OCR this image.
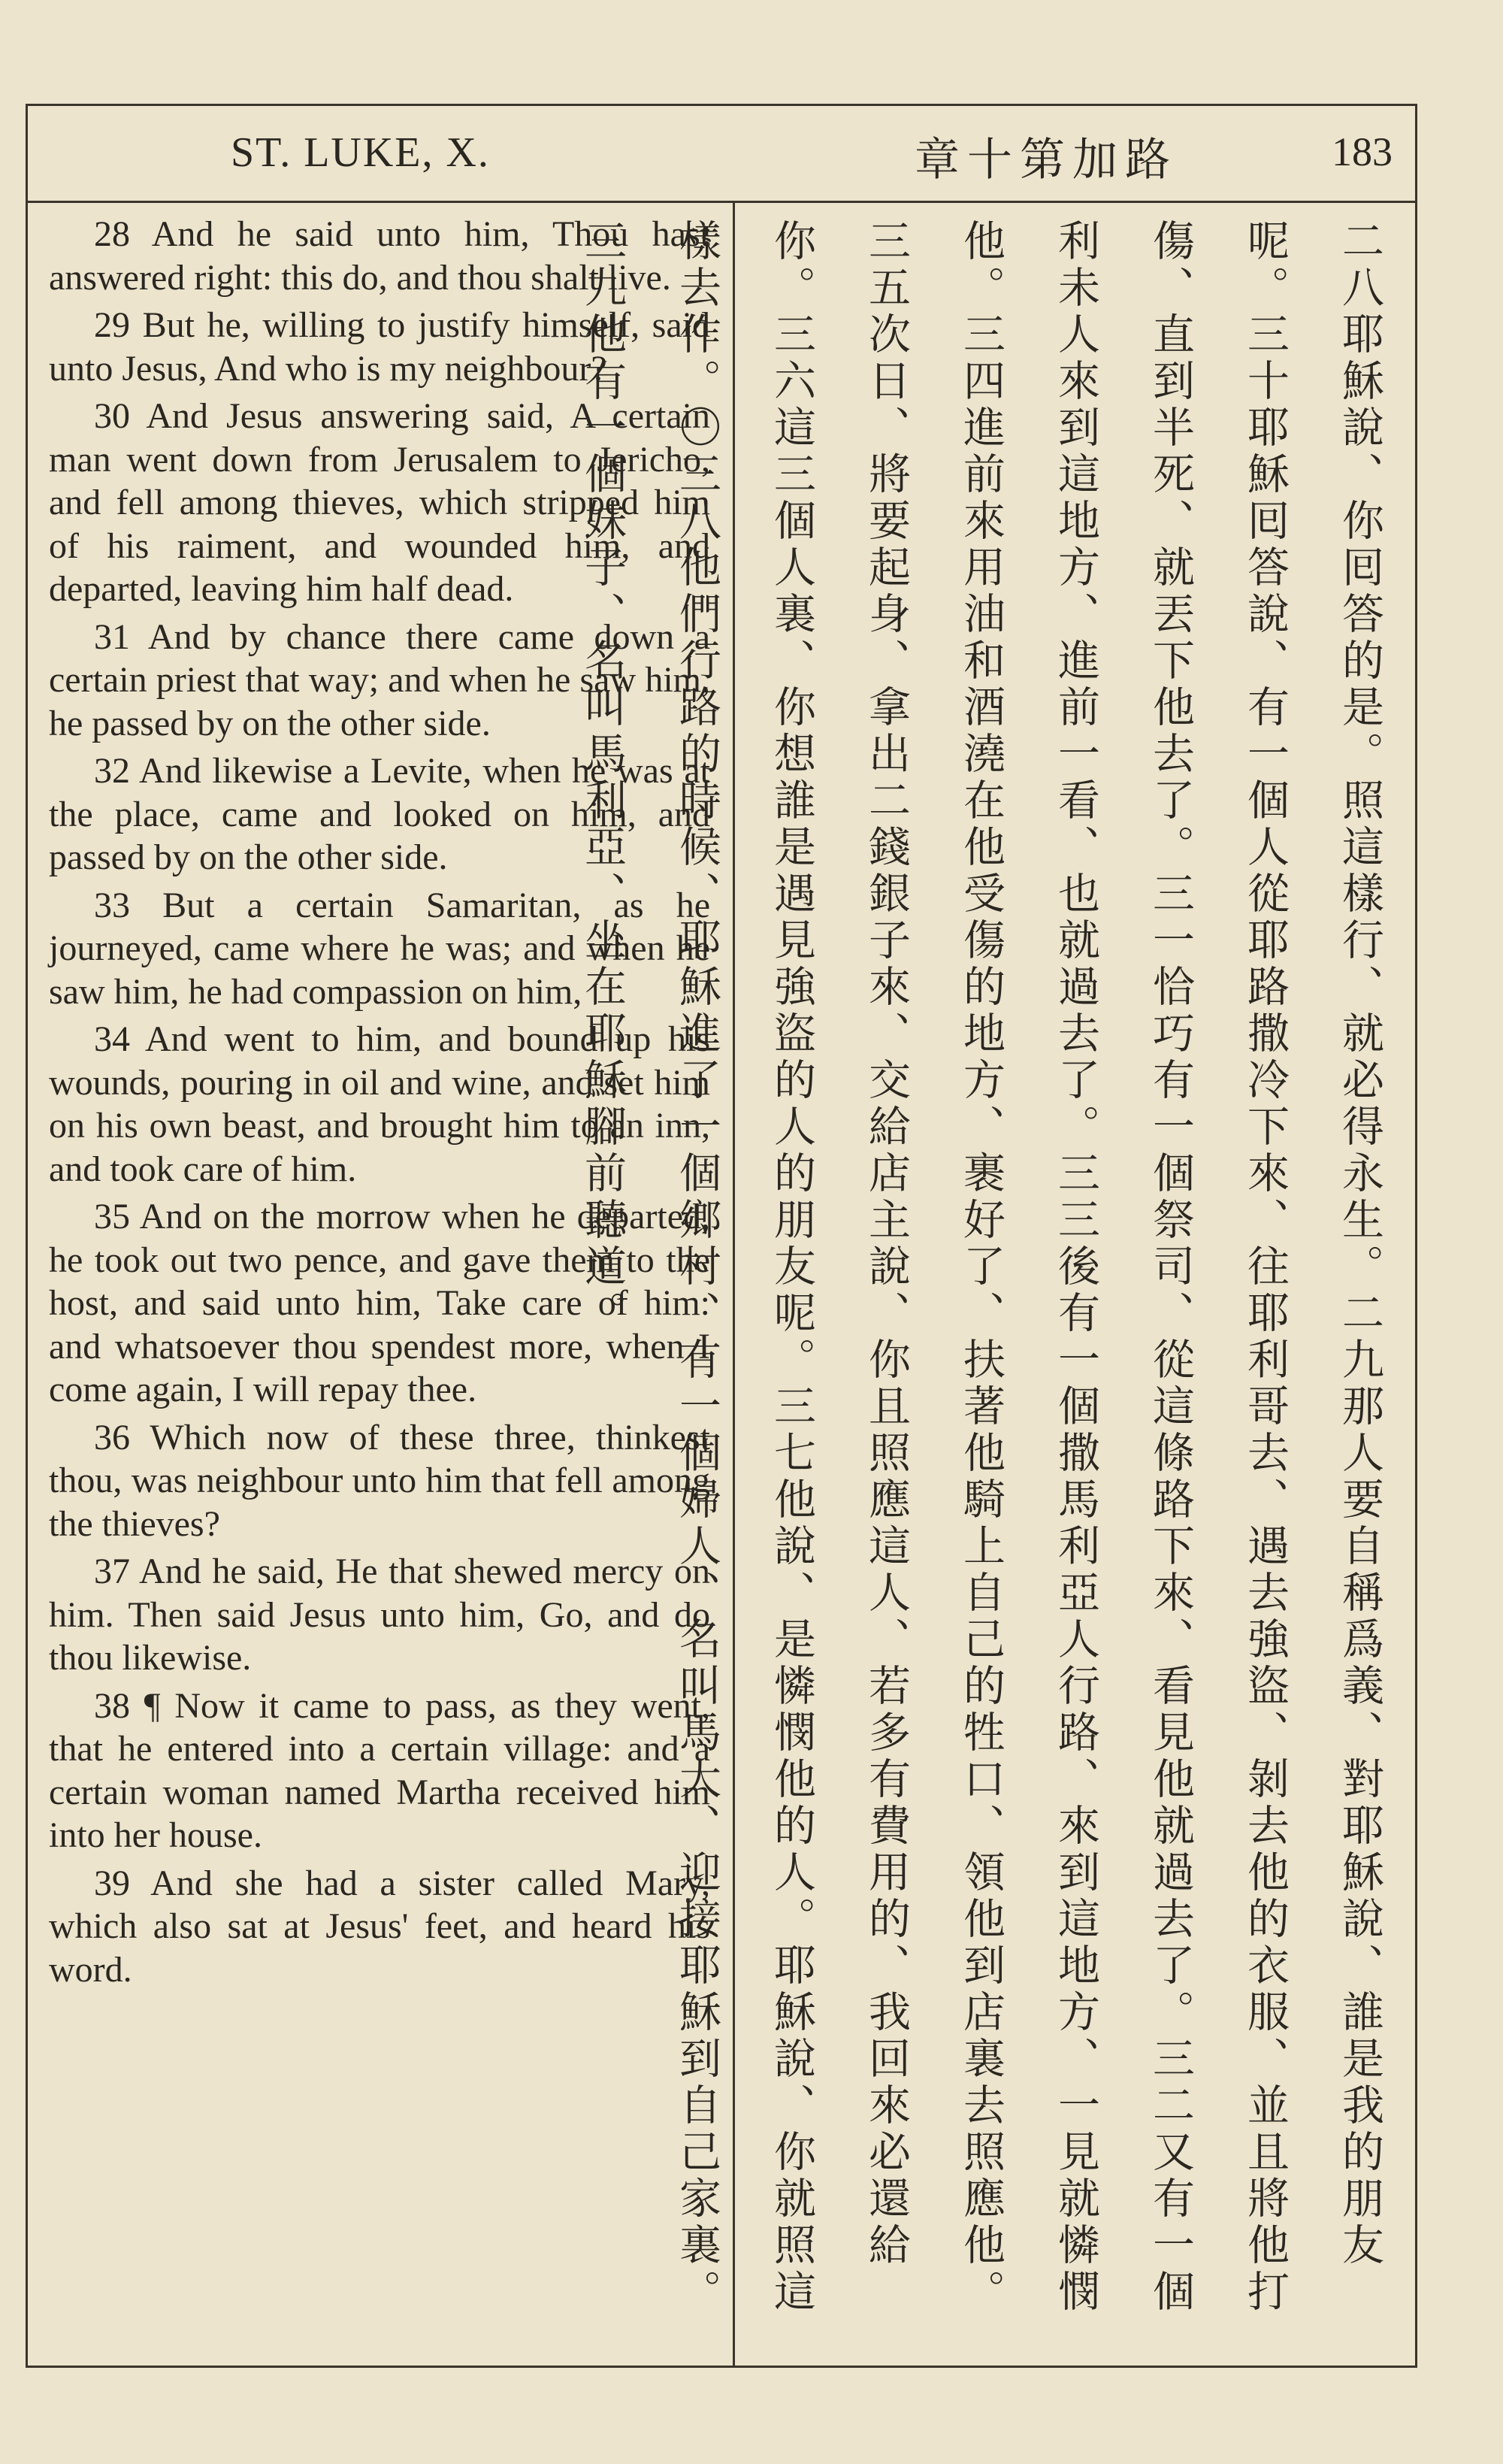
ST. LUKE, X.	章十第加路	183

28 And he said unto him, Thou hast answered right: this do, and thou shalt live.

29 But he, willing to justify himself, said unto Jesus, And who is my neighbour?

30 And Jesus answering said, A certain man went down from Jerusalem to Jericho, and fell among thieves, which stripped him of his raiment, and wounded him, and departed, leaving him half dead.

31 And by chance there came down a certain priest that way; and when he saw him, he passed by on the other side.

32 And likewise a Levite, when he was at the place, came and looked on him, and passed by on the other side.

33 But a certain Samaritan, as he journeyed, came where he was; and when he saw him, he had compassion on him,

34 And went to him, and bound up his wounds, pouring in oil and wine, and set him on his own beast, and brought him to an inn, and took care of him.

35 And on the morrow when he departed, he took out two pence, and gave them to the host, and said unto him, Take care of him: and whatsoever thou spendest more, when I come again, I will repay thee.

36 Which now of these three, thinkest thou, was neighbour unto him that fell among the thieves?

37 And he said, He that shewed mercy on him. Then said Jesus unto him, Go, and do thou likewise.

38 ¶ Now it came to pass, as they went, that he entered into a certain village: and a certain woman named Martha received him into her house.

39 And she had a sister called Mary, which also sat at Jesus' feet, and heard his word.	二八耶穌說、你囘答的是。照這樣行、就必得永生。二九那人要自稱爲義、對耶穌說、誰是我的朋友呢。三十耶穌囘答說、有一個人從耶路撒冷下來、往耶利哥去、遇去強盜、剝去他的衣服、並且將他打傷、直到半死、就丟下他去了。三一恰巧有一個祭司、從這條路下來、看見他就過去了。三二又有一個利未人來到這地方、進前一看、也就過去了。三三後有一個撒馬利亞人行路、來到這地方、一見就憐憫他。三四進前來用油和酒澆在他受傷的地方、裹好了、扶著他騎上自己的牲口、領他到店裏去照應他。三五次日、將要起身、拿出二錢銀子來、交給店主說、你且照應這人、若多有費用的、我回來必還給你。三六這三個人裏、你想誰是遇見強盜的人的朋友呢。三七他說、是憐憫他的人。耶穌說、你就照這樣去作。〇三八他們行路的時候、耶穌進了一個鄉村、有一個婦人、名叫馬大、迎接耶穌到自己家裏。三九他有一個妹子、名叫馬利亞、坐在耶穌腳前聽道。
